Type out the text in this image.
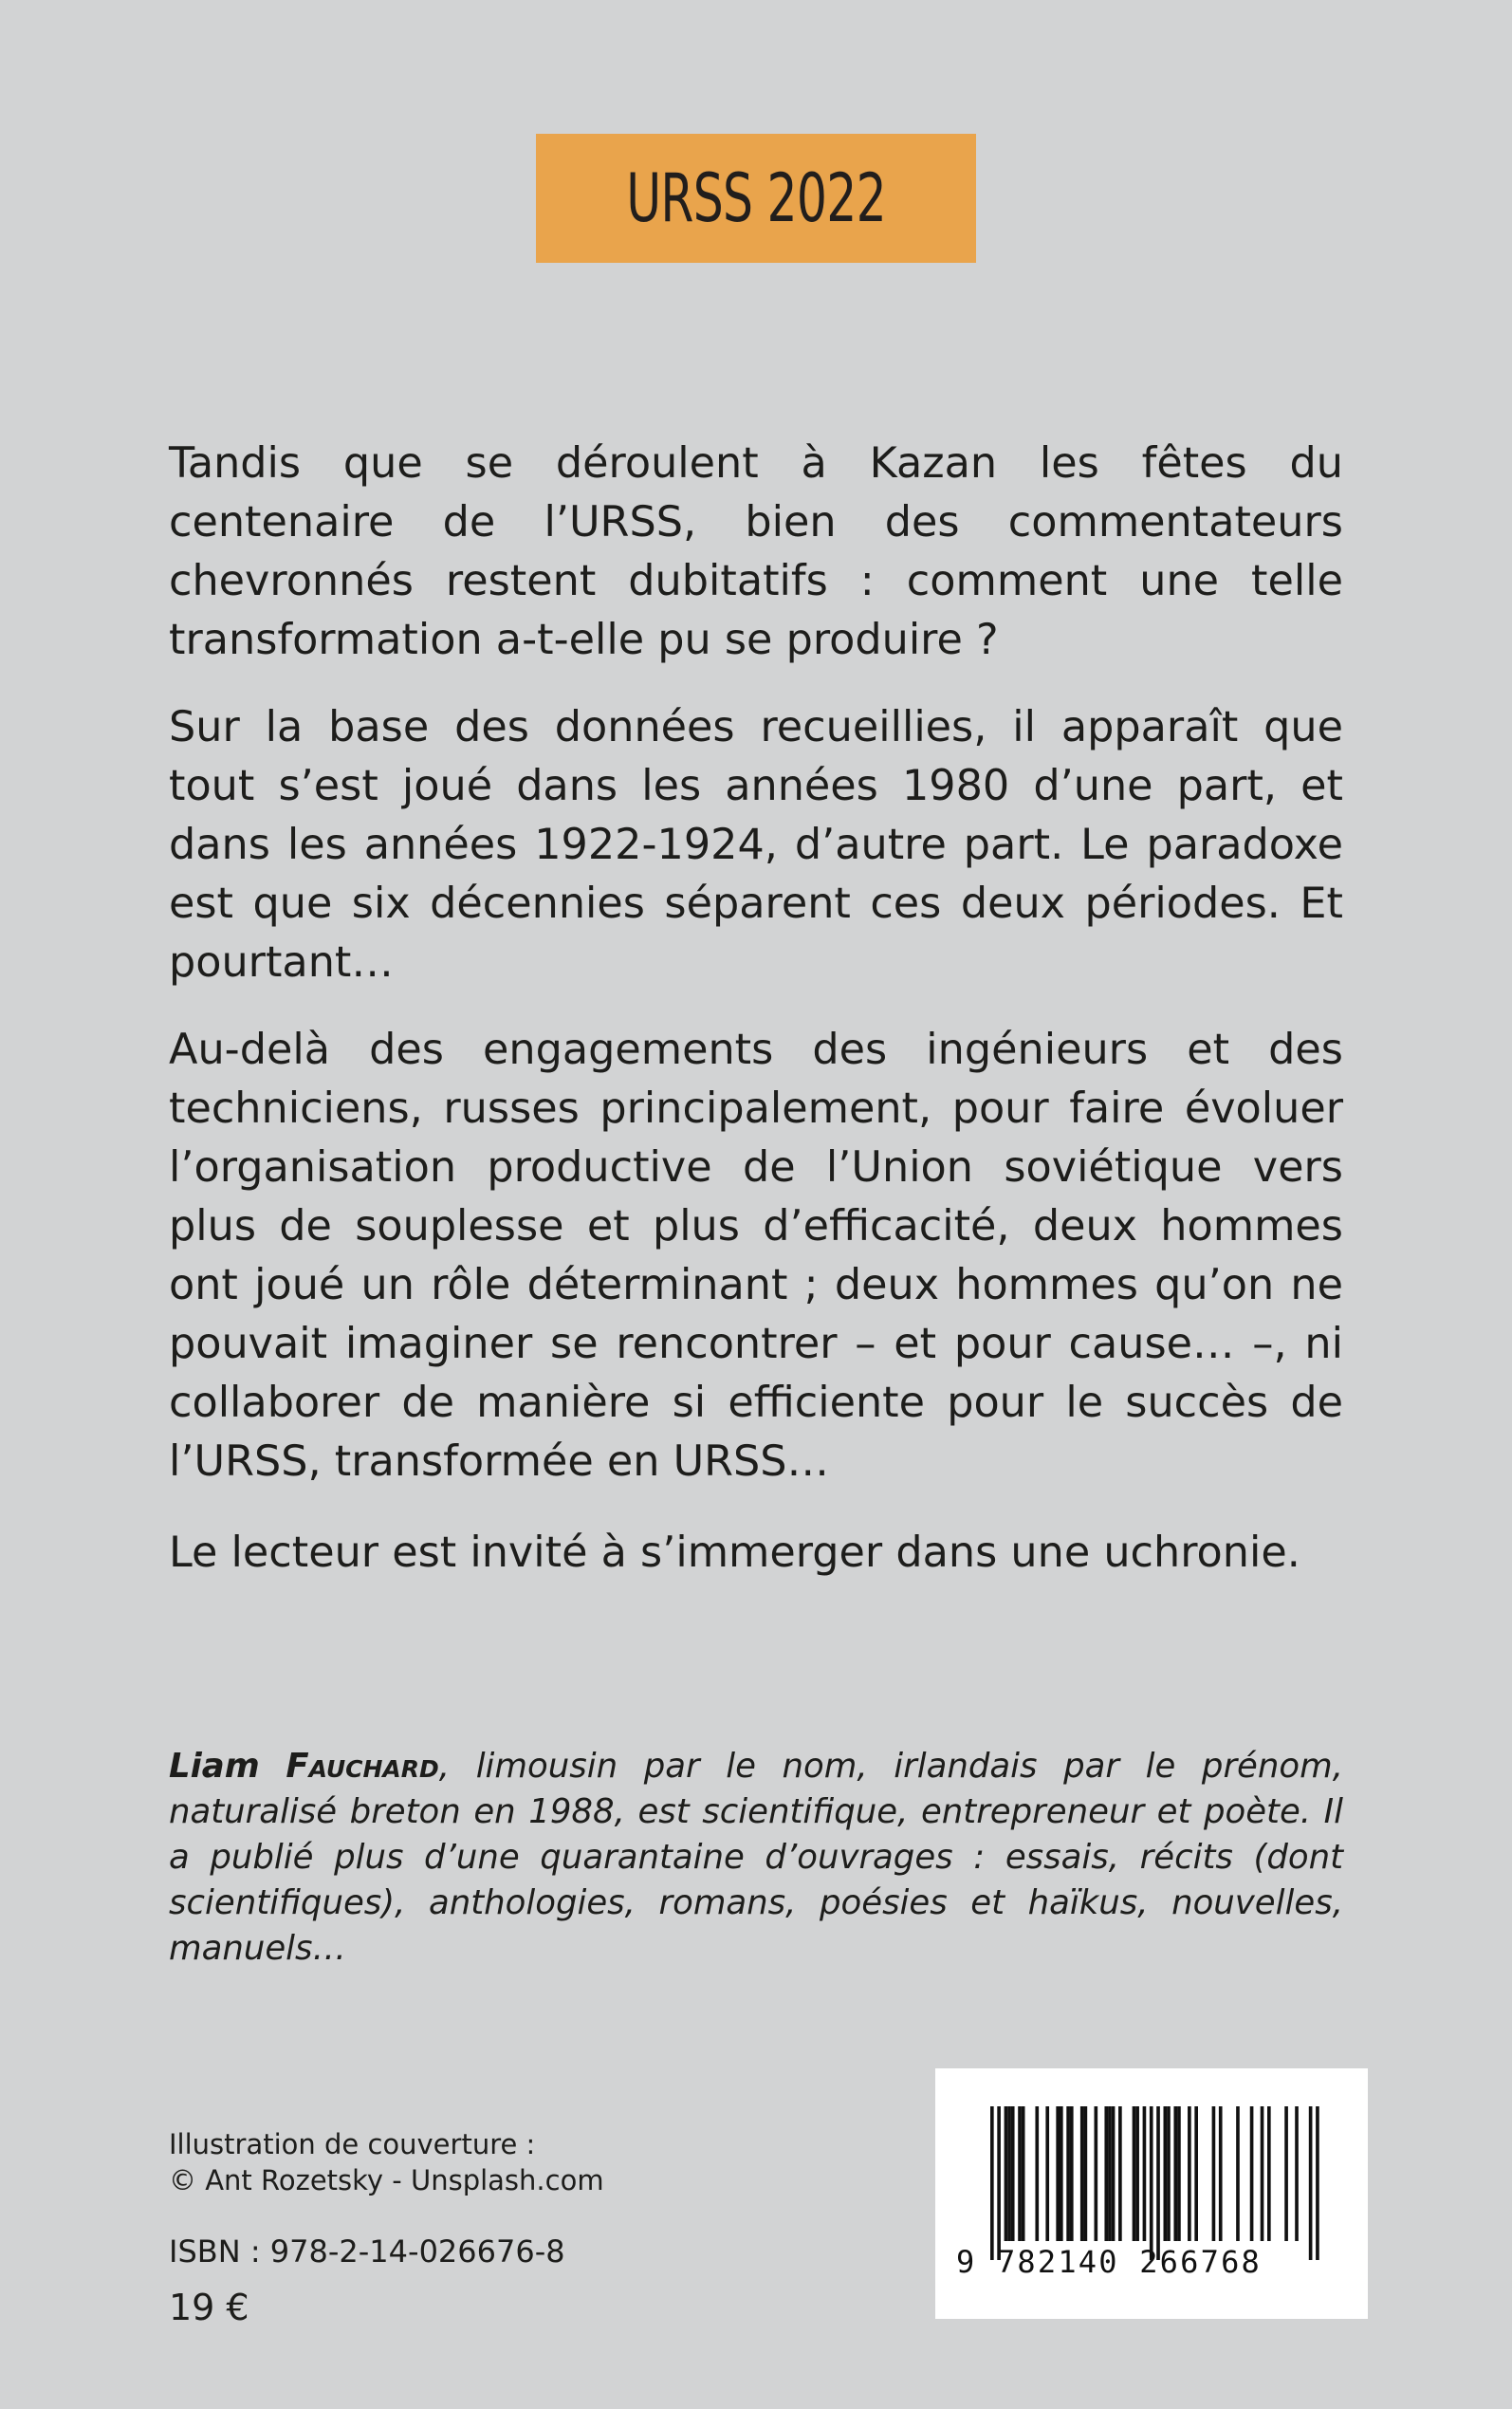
URSS 2022

Tandis que se déroulent à Kazan les fêtes du centenaire de l’URSS, bien des commentateurs chevronnés restent dubitatifs : comment une telle transformation a-t-elle pu se produire ?

Sur la base des données recueillies, il apparaît que tout s’est joué dans les années 1980 d’une part, et dans les années 1922-1924, d’autre part. Le paradoxe est que six décennies séparent ces deux périodes. Et pourtant…

Au-delà des engagements des ingénieurs et des techniciens, russes principalement, pour faire évoluer l’organisation productive de l’Union soviétique vers plus de souplesse et plus d’efficacité, deux hommes ont joué un rôle déterminant ; deux hommes qu’on ne pouvait imaginer se rencontrer – et pour cause… –, ni collaborer de manière si efficiente pour le succès de l’URSS, transformée en URSS…

Le lecteur est invité à s’immerger dans une uchronie.

Liam Fauchard, limousin par le nom, irlandais par le prénom, naturalisé breton en 1988, est scientifique, entrepreneur et poète. Il a publié plus d’une quarantaine d’ouvrages : essais, récits (dont scientifiques), anthologies, romans, poésies et haïkus, nouvelles, manuels…
Illustration de couverture :
© Ant Rozetsky - Unsplash.com
ISBN : 978-2-14-026676-8
19 €
9 782140 266768
